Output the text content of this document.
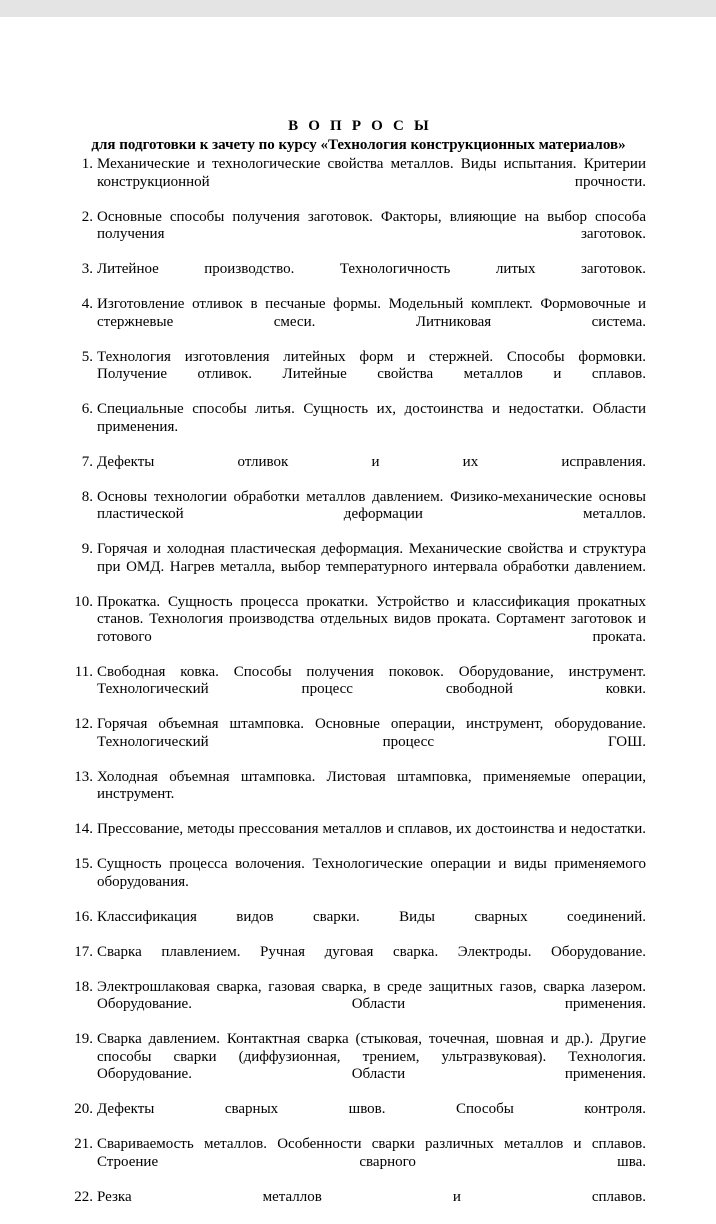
В О П Р О С Ы
для подготовки к зачету по курсу «Технология конструкционных материалов»
1. Механические и технологические свойства металлов. Виды испытания. Критерии конструкционной прочности.
2. Основные способы получения заготовок. Факторы, влияющие на выбор способа получения заготовок.
3. Литейное производство. Технологичность литых заготовок.
4. Изготовление отливок в песчаные формы. Модельный комплект. Формовочные и стержневые смеси. Литниковая система.
5. Технология изготовления литейных форм и стержней. Способы формовки. Получение отливок. Литейные свойства металлов и сплавов.
6. Специальные способы литья. Сущность их, достоинства и недостатки. Области применения.
7. Дефекты отливок и их исправления.
8. Основы технологии обработки металлов давлением. Физико-механические основы пластической деформации металлов.
9. Горячая и холодная пластическая деформация. Механические свойства и структура при ОМД. Нагрев металла, выбор температурного интервала обработки давлением.
10. Прокатка. Сущность процесса прокатки. Устройство и классификация прокатных станов. Технология производства отдельных видов проката. Сортамент заготовок и готового проката.
11. Свободная ковка. Способы получения поковок. Оборудование, инструмент. Технологический процесс свободной ковки.
12. Горячая объемная штамповка. Основные операции, инструмент, оборудование. Технологический процесс ГОШ.
13. Холодная объемная штамповка. Листовая штамповка, применяемые операции, инструмент.
14. Прессование, методы прессования металлов и сплавов, их достоинства и недостатки.
15. Сущность процесса волочения. Технологические операции и виды применяемого оборудования.
16. Классификация видов сварки. Виды сварных соединений.
17. Сварка плавлением. Ручная дуговая сварка. Электроды. Оборудование.
18. Электрошлаковая сварка, газовая сварка, в среде защитных газов, сварка лазером. Оборудование. Области применения.
19. Сварка давлением. Контактная сварка (стыковая, точечная, шовная и др.). Другие способы сварки (диффузионная, трением, ультразвуковая). Технология. Оборудование. Области применения.
20. Дефекты сварных швов. Способы контроля.
21. Свариваемость металлов. Особенности сварки различных металлов и сплавов. Строение сварного шва.
22. Резка металлов и сплавов.
